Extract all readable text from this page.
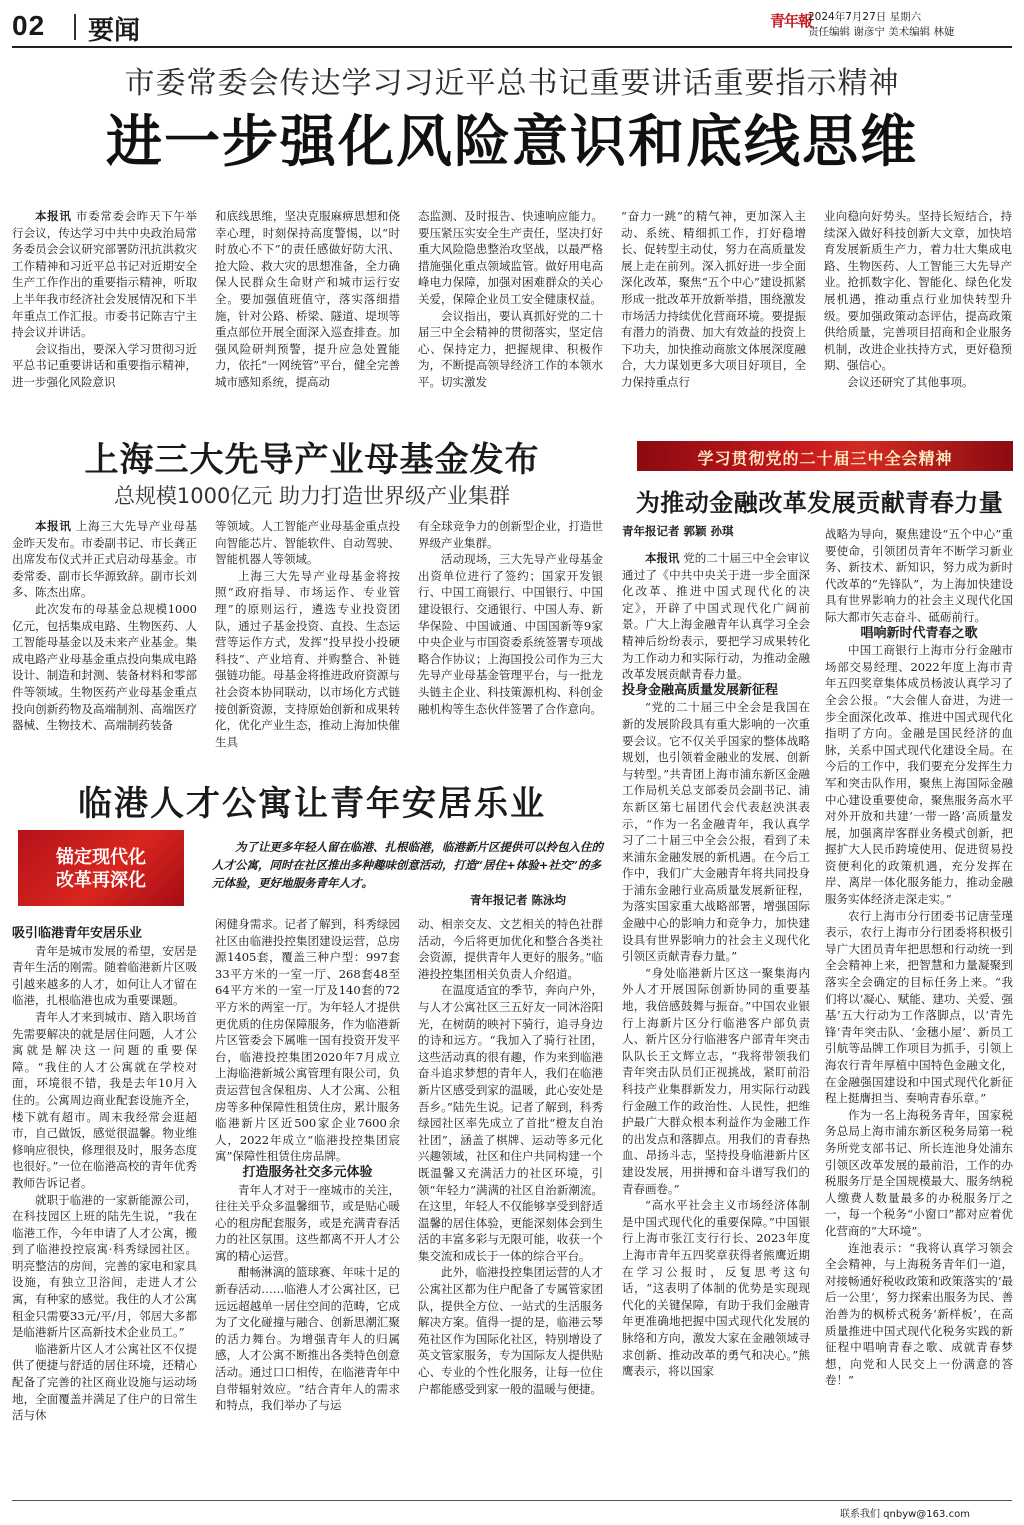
02 要闻	青年報
2024年7月27日 星期六
责任编辑 谢彦宁 美术编辑 林婕
市委常委会传达学习习近平总书记重要讲话重要指示精神
进一步强化风险意识和底线思维

本报讯 市委常委会昨天下午举行会议，传达学习中共中央政治局常务委员会会议研究部署防汛抗洪救灾工作精神和习近平总书记对近期安全生产工作作出的重要指示精神，听取上半年我市经济社会发展情况和下半年重点工作汇报。市委书记陈吉宁主持会议并讲话。

会议指出，要深入学习贯彻习近平总书记重要讲话和重要指示精神，进一步强化风险意识

和底线思维，坚决克服麻痹思想和侥幸心理，时刻保持高度警惕，以“时时放心不下”的责任感做好防大汛、抢大险、救大灾的思想准备，全力确保人民群众生命财产和城市运行安全。要加强值班值守，落实落细措施，针对公路、桥梁、隧道、堤坝等重点部位开展全面深入巡查排查。加强风险研判预警，提升应急处置能力，依托“一网统管”平台，健全完善城市感知系统，提高动

态监测、及时报告、快速响应能力。要压紧压实安全生产责任，坚决打好重大风险隐患整治攻坚战，以最严格措施强化重点领域监管。做好用电高峰电力保障，加强对困难群众的关心关爱，保障企业员工安全健康权益。

会议指出，要认真抓好党的二十届三中全会精神的贯彻落实，坚定信心、保持定力，把握规律、积极作为，不断提高领导经济工作的本领水平。切实激发

“奋力一跳”的精气神，更加深入主动、系统、精细抓工作，打好稳增长、促转型主动仗，努力在高质量发展上走在前列。深入抓好进一步全面深化改革，聚焦“五个中心”建设抓紧形成一批改革开放新举措，围绕激发市场活力持续优化营商环境。要提振有潜力的消费、加大有效益的投资上下功夫，加快推动商旅文体展深度融合，大力谋划更多大项目好项目，全力保持重点行

业向稳向好势头。坚持长短结合，持续深入做好科技创新大文章，加快培育发展新质生产力，着力壮大集成电路、生物医药、人工智能三大先导产业。抢抓数字化、智能化、绿色化发展机遇，推动重点行业加快转型升级。要加强政策动态评估，提高政策供给质量，完善项目招商和企业服务机制，改进企业扶持方式，更好稳预期、强信心。

会议还研究了其他事项。

上海三大先导产业母基金发布
总规模1000亿元 助力打造世界级产业集群

本报讯 上海三大先导产业母基金昨天发布。市委副书记、市长龚正出席发布仪式并正式启动母基金。市委常委、副市长华源致辞。副市长刘多、陈杰出席。

此次发布的母基金总规模1000亿元，包括集成电路、生物医药、人工智能母基金以及未来产业基金。集成电路产业母基金重点投向集成电路设计、制造和封测、装备材料和零部件等领域。生物医药产业母基金重点投向创新药物及高端制剂、高端医疗器械、生物技术、高端制药装备

等领域。人工智能产业母基金重点投向智能芯片、智能软件、自动驾驶、智能机器人等领域。

上海三大先导产业母基金将按照“政府指导、市场运作、专业管理”的原则运行，遴选专业投资团队，通过子基金投资、直投、生态运营等运作方式，发挥“投早投小投硬科技”、产业培育、并购整合、补链强链功能。母基金将推进政府资源与社会资本协同联动，以市场化方式链接创新资源，支持原始创新和成果转化，优化产业生态，推动上海加快催生具

有全球竞争力的创新型企业，打造世界级产业集群。

活动现场，三大先导产业母基金出资单位进行了签约；国家开发银行、中国工商银行、中国银行、中国建设银行、交通银行、中国人寿、新华保险、中国诚通、中国国新等9家中央企业与市国资委系统签署专项战略合作协议；上海国投公司作为三大先导产业母基金管理平台，与一批龙头链主企业、科技策源机构、科创金融机构等生态伙伴签署了合作意向。

学习贯彻党的二十届三中全会精神
为推动金融改革发展贡献青春力量
青年报记者 郭颖 孙琪

本报讯 党的二十届三中全会审议通过了《中共中央关于进一步全面深化改革、推进中国式现代化的决定》，开辟了中国式现代化广阔前景。广大上海金融青年认真学习全会精神后纷纷表示，要把学习成果转化为工作动力和实际行动，为推动金融改革发展贡献青春力量。

投身金融高质量发展新征程

“党的二十届三中全会是我国在新的发展阶段具有重大影响的一次重要会议。它不仅关乎国家的整体战略规划，也引领着金融业的发展、创新与转型。”共青团上海市浦东新区金融工作局机关总支部委员会副书记、浦东新区第七届团代会代表赵泱淇表示，“作为一名金融青年，我认真学习了二十届三中全会公报，看到了未来浦东金融发展的新机遇。在今后工作中，我们广大金融青年将共同投身于浦东金融行业高质量发展新征程，为落实国家重大战略部署，增强国际金融中心的影响力和竞争力，加快建设具有世界影响力的社会主义现代化引领区贡献青春力量。”

“身处临港新片区这一聚集海内外人才开展国际创新协同的重要基地，我倍感鼓舞与振奋。”中国农业银行上海新片区分行临港客户部负责人、新片区分行临港客户部青年突击队队长王文辉立志，“我将带领我们青年突击队员们正视挑战，紧盯前沿科技产业集群新发力，用实际行动践行金融工作的政治性、人民性，把维护最广大群众根本利益作为金融工作的出发点和落脚点。用我们的青春热血、昂扬斗志，坚持投身临港新片区建设发展，用拼搏和奋斗谱写我们的青春画卷。”

“高水平社会主义市场经济体制是中国式现代化的重要保障。”中国银行上海市张江支行行长、2023年度上海市青年五四奖章获得者熊鹰近期在学习公报时，反复思考这句话，“这表明了体制的优势是实现现代化的关键保障，有助于我们金融青年更准确地把握中国式现代化发展的脉络和方向，激发大家在金融领域寻求创新、推动改革的勇气和决心。”熊鹰表示，将以国家

战略为导向，聚焦建设“五个中心”重要使命，引领团员青年不断学习新业务、新技术、新知识，努力成为新时代改革的“先锋队”，为上海加快建设具有世界影响力的社会主义现代化国际大都市矢志奋斗、砥砺前行。

唱响新时代青春之歌

中国工商银行上海市分行金融市场部交易经理、2022年度上海市青年五四奖章集体成员杨波认真学习了全会公报。“大会催人奋进，为进一步全面深化改革、推进中国式现代化指明了方向。金融是国民经济的血脉，关系中国式现代化建设全局。在今后的工作中，我们要充分发挥生力军和突击队作用，聚焦上海国际金融中心建设重要使命，聚焦服务高水平对外开放和共建‘一带一路’高质量发展，加强离岸客群业务模式创新，把握扩大人民币跨境使用、促进贸易投资便利化的政策机遇，充分发挥在岸、离岸一体化服务能力，推动金融服务实体经济走深走实。”

农行上海市分行团委书记唐莹瑾表示，农行上海市分行团委将积极引导广大团员青年把思想和行动统一到全会精神上来，把智慧和力量凝聚到落实全会确定的目标任务上来。“我们将以‘凝心、赋能、建功、关爱、强基’五大行动为工作落脚点，以‘青先锋’青年突击队、‘金穗小屋’、新员工引航等品牌工作项目为抓手，引领上海农行青年厚植中国特色金融文化，在金融强国建设和中国式现代化新征程上挺膺担当、奏响青春乐章。”

作为一名上海税务青年，国家税务总局上海市浦东新区税务局第一税务所党支部书记、所长连池身处浦东引领区改革发展的最前沿，工作的办税服务厅是全国规模最大、服务纳税人缴费人数量最多的办税服务厅之一，每一个税务“小窗口”都对应着优化营商的“大环境”。

连池表示：“我将认真学习领会全会精神，与上海税务青年们一道，对接畅通好税收政策和政策落实的‘最后一公里’，努力探索出服务为民、善治善为的枫桥式税务‘新样板’，在高质量推进中国式现代化税务实践的新征程中唱响青春之歌、成就青春梦想，向党和人民交上一份满意的答卷！”

临港人才公寓让青年安居乐业
锚定现代化
改革再深化
为了让更多年轻人留在临港、扎根临港，临港新片区提供可以拎包入住的人才公寓，同时在社区推出多种趣味创意活动，打造“居住+体验+社交”的多元体验，更好地服务青年人才。
青年报记者 陈泳均

吸引临港青年安居乐业

青年是城市发展的希望，安居是青年生活的刚需。随着临港新片区吸引越来越多的人才，如何让人才留在临港，扎根临港也成为重要课题。

青年人才来到城市、踏入职场首先需要解决的就是居住问题，人才公寓就是解决这一问题的重要保障。“我住的人才公寓就在学校对面，环境很不错，我是去年10月入住的。公寓周边商业配套设施齐全，楼下就有超市。周末我经常会逛超市，自己做饭，感觉很温馨。物业维修响应很快，修理很及时，服务态度也很好。”一位在临港高校的青年优秀教师告诉记者。

就职于临港的一家新能源公司，在科技园区上班的陆先生说，“我在临港工作，今年申请了人才公寓，搬到了临港投控宸寓·科秀绿园社区。明亮整洁的房间，完善的家电和家具设施，有独立卫浴间，走进人才公寓，有种家的感觉。我住的人才公寓租金只需要33元/平/月，邻居大多都是临港新片区高新技术企业员工。”

临港新片区人才公寓社区不仅提供了便捷与舒适的居住环境，还精心配备了完善的社区商业设施与运动场地，全面覆盖并满足了住户的日常生活与休

闲健身需求。记者了解到，科秀绿园社区由临港投控集团建设运营，总房源1405套，覆盖三种户型：997套33平方米的一室一厅、268套48至64平方米的一室一厅及140套的72平方米的两室一厅。为年轻人才提供更优质的住房保障服务，作为临港新片区管委会下属唯一国有投资开发平台，临港投控集团2020年7月成立上海临港新城公寓管理有限公司，负责运营包含保租房、人才公寓、公租房等多种保障性租赁住房，累计服务临港新片区近500家企业7600余人，2022年成立“临港投控集团宸寓”保障性租赁住房品牌。

打造服务社交多元体验

青年人才对于一座城市的关注，往往关乎众多温馨细节，或是贴心暖心的租房配套服务，或是充满青春活力的社区氛围。这些都离不开人才公寓的精心运营。

酣畅淋漓的篮球赛、年味十足的新春活动……临港人才公寓社区，已远远超越单一居住空间的范畴，它成为了文化碰撞与融合、创新思潮汇聚的活力舞台。为增强青年人的归属感，人才公寓不断推出各类特色创意活动。通过口口相传，在临港青年中自带辐射效应。“结合青年人的需求和特点，我们举办了与运

动、相亲交友、文艺相关的特色社群活动，今后将更加优化和整合各类社会资源，提供青年人更好的服务。”临港投控集团相关负责人介绍道。

在温度适宜的季节，奔向户外，与人才公寓社区三五好友一同沐浴阳光，在树荫的映衬下骑行，追寻身边的诗和远方。“我加入了骑行社团，这些活动真的很有趣，作为来到临港奋斗追求梦想的青年人，我们在临港新片区感受到家的温暖，此心安处是吾乡。”陆先生说。记者了解到，科秀绿园社区率先成立了首批“橙友自治社团”，涵盖了棋牌、运动等多元化兴趣领域，社区和住户共同构建一个既温馨又充满活力的社区环境，引领“年轻力”满满的社区自治新潮流。在这里，年轻人不仅能够享受到舒适温馨的居住体验，更能深刻体会到生活的丰富多彩与无限可能，收获一个集交流和成长于一体的综合平台。

此外，临港投控集团运营的人才公寓社区都为住户配备了专属管家团队，提供全方位、一站式的生活服务解决方案。值得一提的是，临港云琴苑社区作为国际化社区，特别增设了英文管家服务，专为国际友人提供贴心、专业的个性化服务，让每一位住户都能感受到家一般的温暖与便捷。

联系我们 qnbyw@163.com
